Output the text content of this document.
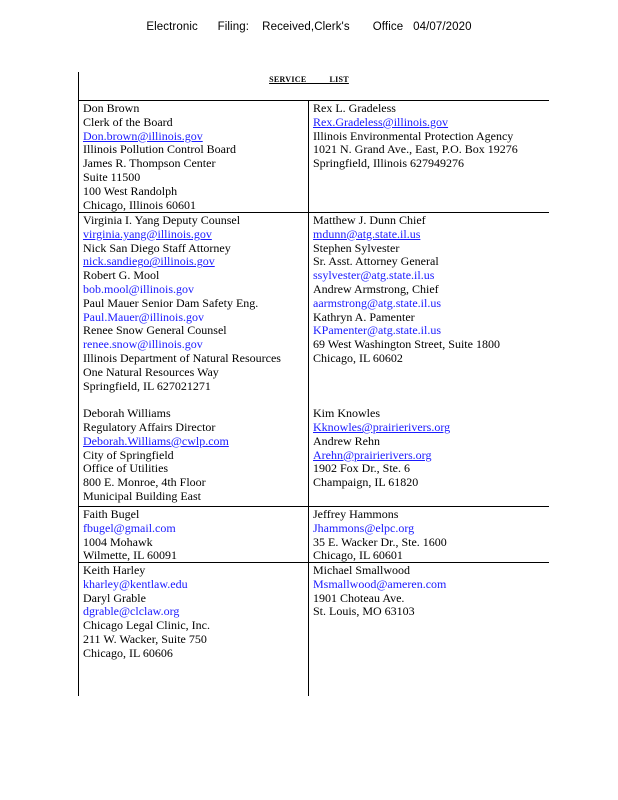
Electronic      Filing:    Received,Clerk's       Office   04/07/2020
SERVICE          LIST
Don Brown
Clerk of the Board
Don.brown@illinois.gov
Illinois Pollution Control Board
James R. Thompson Center
Suite 11500
100 West Randolph
Chicago, Illinois 60601
Rex L. Gradeless
Rex.Gradeless@illinois.gov
Illinois Environmental Protection Agency
1021 N. Grand Ave., East, P.O. Box 19276
Springfield, Illinois 627949276
Virginia I. Yang Deputy Counsel
virginia.yang@illinois.gov
Nick San Diego Staff Attorney
nick.sandiego@illinois.gov
Robert G. Mool
bob.mool@illinois.gov
Paul Mauer Senior Dam Safety Eng.
Paul.Mauer@illinois.gov
Renee Snow General Counsel
renee.snow@illinois.gov
Illinois Department of Natural Resources
One Natural Resources Way
Springfield, IL 627021271
Deborah Williams
Regulatory Affairs Director
Deborah.Williams@cwlp.com
City of Springfield
Office of Utilities
800 E. Monroe, 4th Floor
Municipal Building East
Matthew J. Dunn Chief
mdunn@atg.state.il.us
Stephen Sylvester
Sr. Asst. Attorney General
ssylvester@atg.state.il.us
Andrew Armstrong, Chief
aarmstrong@atg.state.il.us
Kathryn A. Pamenter
KPamenter@atg.state.il.us
69 West Washington Street, Suite 1800
Chicago, IL 60602
Kim Knowles
Kknowles@prairierivers.org
Andrew Rehn
Arehn@prairierivers.org
1902 Fox Dr., Ste. 6
Champaign, IL 61820
Faith Bugel
fbugel@gmail.com
1004 Mohawk
Wilmette, IL 60091
Jeffrey Hammons
Jhammons@elpc.org
35 E. Wacker Dr., Ste. 1600
Chicago, IL 60601
Keith Harley
kharley@kentlaw.edu
Daryl Grable
dgrable@clclaw.org
Chicago Legal Clinic, Inc.
211 W. Wacker, Suite 750
Chicago, IL 60606
Michael Smallwood
Msmallwood@ameren.com
1901 Choteau Ave.
St. Louis, MO 63103
